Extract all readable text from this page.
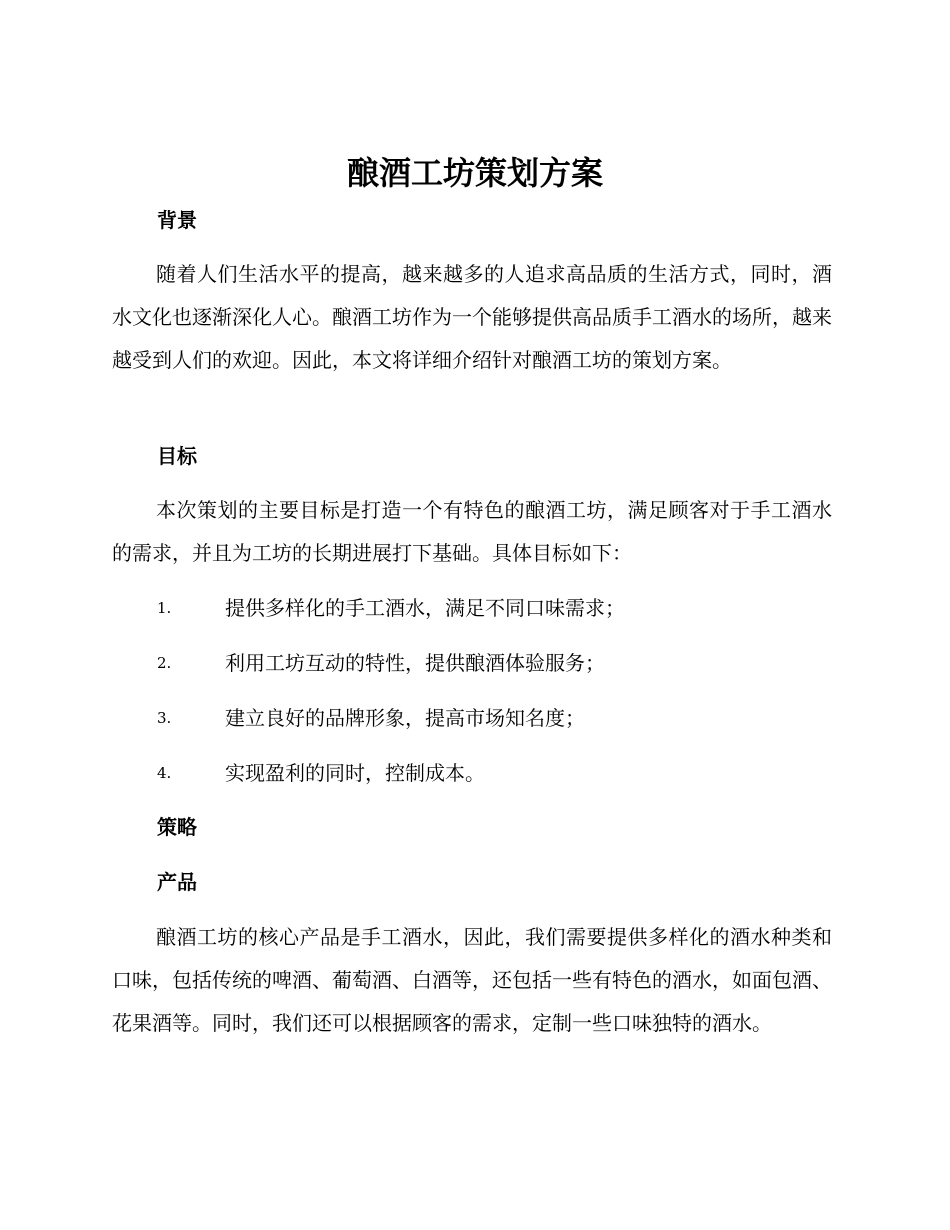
酿酒工坊策划方案
背景

随着人们生活水平的提高，越来越多的人追求高品质的生活方式，同时，酒水文化也逐渐深化人心。酿酒工坊作为一个能够提供高品质手工酒水的场所，越来越受到人们的欢迎。因此，本文将详细介绍针对酿酒工坊的策划方案。

目标

本次策划的主要目标是打造一个有特色的酿酒工坊，满足顾客对于手工酒水的需求，并且为工坊的长期进展打下基础。具体目标如下：

1.	提供多样化的手工酒水，满足不同口味需求；
2.	利用工坊互动的特性，提供酿酒体验服务；
3.	建立良好的品牌形象，提高市场知名度；
4.	实现盈利的同时，控制成本。
策略
产品

酿酒工坊的核心产品是手工酒水，因此，我们需要提供多样化的酒水种类和口味，包括传统的啤酒、葡萄酒、白酒等，还包括一些有特色的酒水，如面包酒、花果酒等。同时，我们还可以根据顾客的需求，定制一些口味独特的酒水。
